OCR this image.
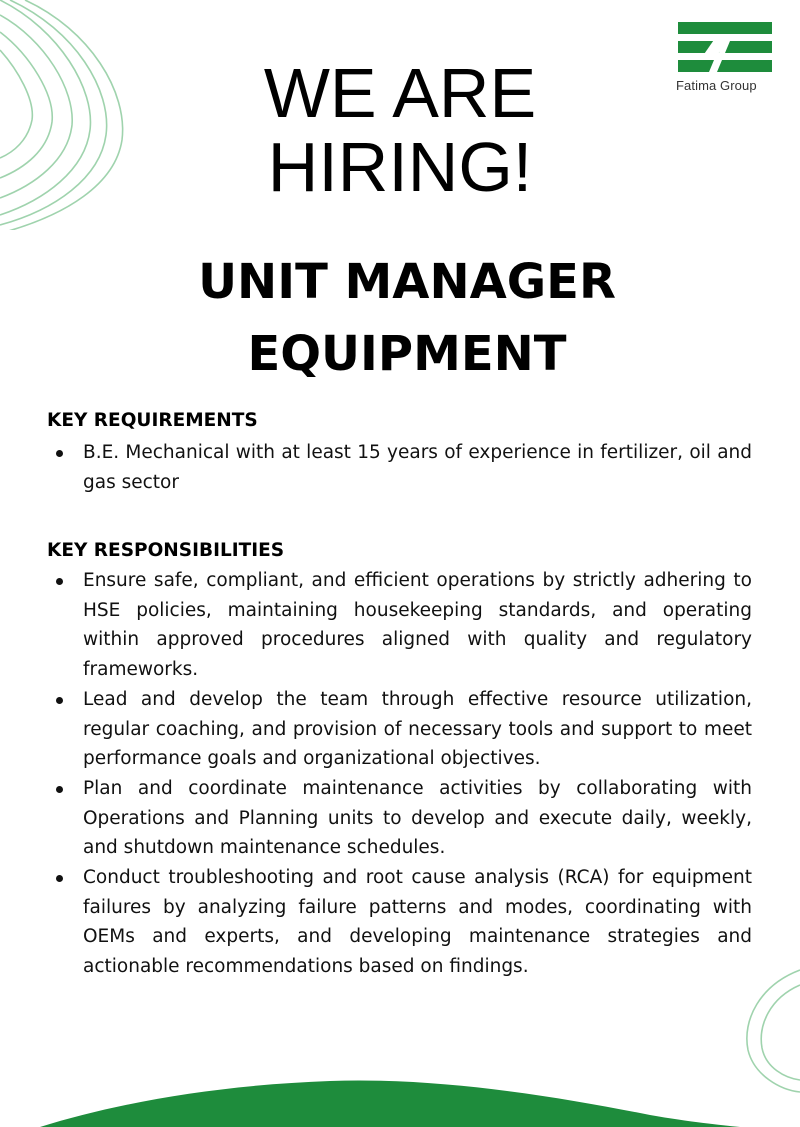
Fatima Group
WE ARE
HIRING!
UNIT MANAGER
EQUIPMENT
KEY REQUIREMENTS
B.E. Mechanical with at least 15 years of experience in fertilizer, oil and gas sector
KEY RESPONSIBILITIES
Ensure safe, compliant, and efficient operations by strictly adhering to HSE policies, maintaining housekeeping standards, and operating within approved procedures aligned with quality and regulatory frameworks.
Lead and develop the team through effective resource utilization, regular coaching, and provision of necessary tools and support to meet performance goals and organizational objectives.
Plan and coordinate maintenance activities by collaborating with Operations and Planning units to develop and execute daily, weekly, and shutdown maintenance schedules.
Conduct troubleshooting and root cause analysis (RCA) for equipment failures by analyzing failure patterns and modes, coordinating with OEMs and experts, and developing maintenance strategies and actionable recommendations based on findings.
